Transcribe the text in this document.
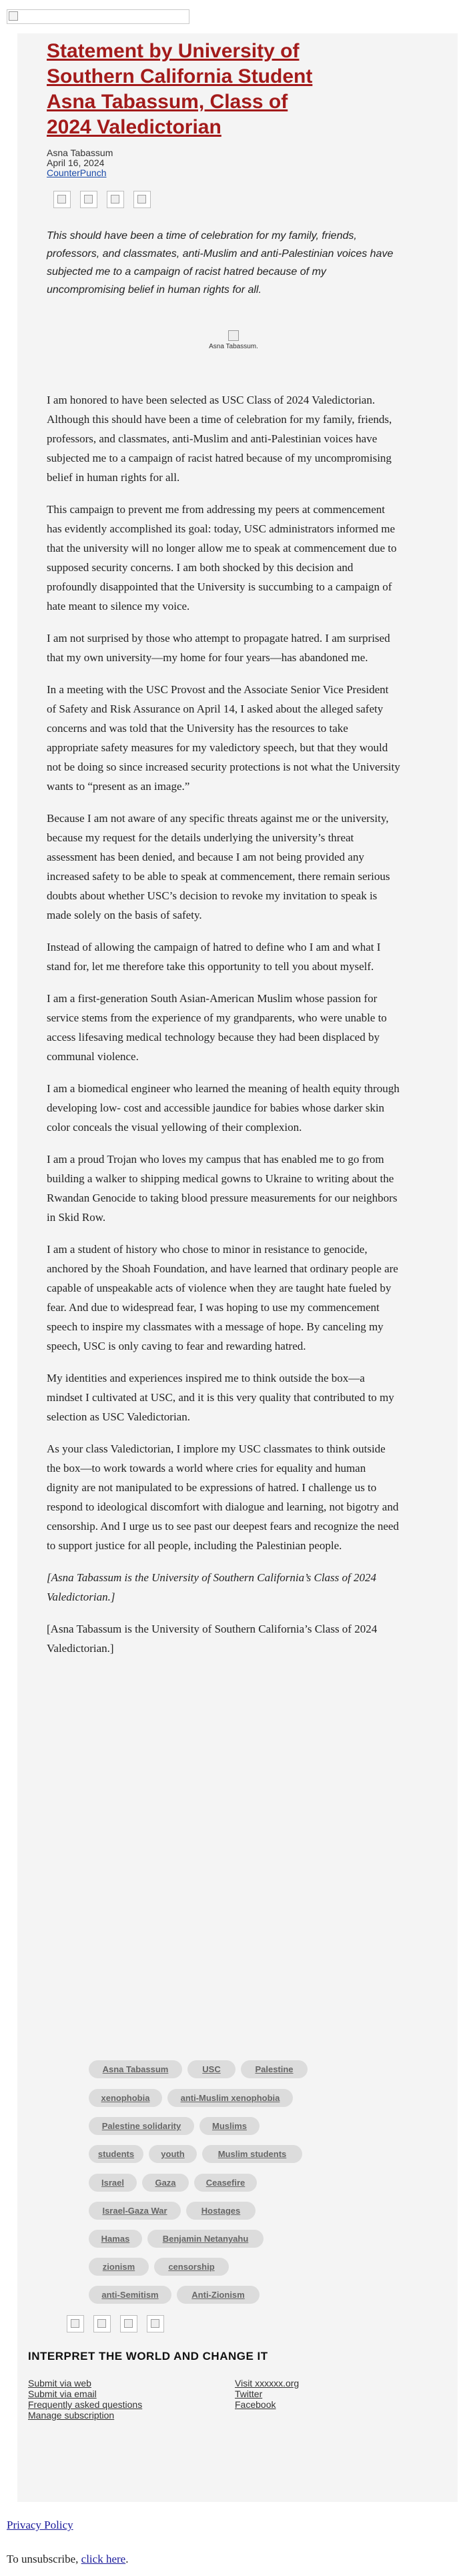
Statement by University of Southern California Student Asna Tabassum, Class of 2024 Valedictorian
Asna Tabassum
April 16, 2024
CounterPunch

This should have been a time of celebration for my family, friends, professors, and classmates, anti-Muslim and anti-Palestinian voices have subjected me to a campaign of racist hatred because of my uncompromising belief in human rights for all.

Asna Tabassum.

I am honored to have been selected as USC Class of 2024 Valedictorian. Although this should have been a time of celebration for my family, friends, professors, and classmates, anti-Muslim and anti-Palestinian voices have subjected me to a campaign of racist hatred because of my uncompromising belief in human rights for all.

This campaign to prevent me from addressing my peers at commencement has evidently accomplished its goal: today, USC administrators informed me that the university will no longer allow me to speak at commencement due to supposed security concerns. I am both shocked by this decision and profoundly disappointed that the University is succumbing to a campaign of hate meant to silence my voice.

I am not surprised by those who attempt to propagate hatred. I am surprised that my own university—my home for four years—has abandoned me.

In a meeting with the USC Provost and the Associate Senior Vice President of Safety and Risk Assurance on April 14, I asked about the alleged safety concerns and was told that the University has the resources to take appropriate safety measures for my valedictory speech, but that they would not be doing so since increased security protections is not what the University wants to “present as an image.”

Because I am not aware of any specific threats against me or the university, because my request for the details underlying the university’s threat assessment has been denied, and because I am not being provided any increased safety to be able to speak at commencement, there remain serious doubts about whether USC’s decision to revoke my invitation to speak is made solely on the basis of safety.

Instead of allowing the campaign of hatred to define who I am and what I stand for, let me therefore take this opportunity to tell you about myself.

I am a first-generation South Asian-American Muslim whose passion for service stems from the experience of my grandparents, who were unable to access lifesaving medical technology because they had been displaced by communal violence.

I am a biomedical engineer who learned the meaning of health equity through developing low- cost and accessible jaundice for babies whose darker skin color conceals the visual yellowing of their complexion.

I am a proud Trojan who loves my campus that has enabled me to go from building a walker to shipping medical gowns to Ukraine to writing about the Rwandan Genocide to taking blood pressure measurements for our neighbors in Skid Row.

I am a student of history who chose to minor in resistance to genocide, anchored by the Shoah Foundation, and have learned that ordinary people are capable of unspeakable acts of violence when they are taught hate fueled by fear. And due to widespread fear, I was hoping to use my commencement speech to inspire my classmates with a message of hope. By canceling my speech, USC is only caving to fear and rewarding hatred.

My identities and experiences inspired me to think outside the box—a mindset I cultivated at USC, and it is this very quality that contributed to my selection as USC Valedictorian.

As your class Valedictorian, I implore my USC classmates to think outside the box—to work towards a world where cries for equality and human dignity are not manipulated to be expressions of hatred. I challenge us to respond to ideological discomfort with dialogue and learning, not bigotry and censorship. And I urge us to see past our deepest fears and recognize the need to support justice for all people, including the Palestinian people.

[Asna Tabassum is the University of Southern California’s Class of 2024 Valedictorian.]

[Asna Tabassum is the University of Southern California’s Class of 2024 Valedictorian.]

Asna Tabassum	USC	Palestine
xenophobia	anti-Muslim xenophobia
Palestine solidarity	Muslims
students	youth	Muslim students
Israel	Gaza	Ceasefire
Israel-Gaza War	Hostages
Hamas	Benjamin Netanyahu
zionism	censorship
anti-Semitism	Anti-Zionism
INTERPRET THE WORLD AND CHANGE IT
Submit via web
Submit via email
Frequently asked questions
Manage subscription
Visit xxxxxx.org
Twitter
Facebook
Privacy Policy
To unsubscribe, click here.
